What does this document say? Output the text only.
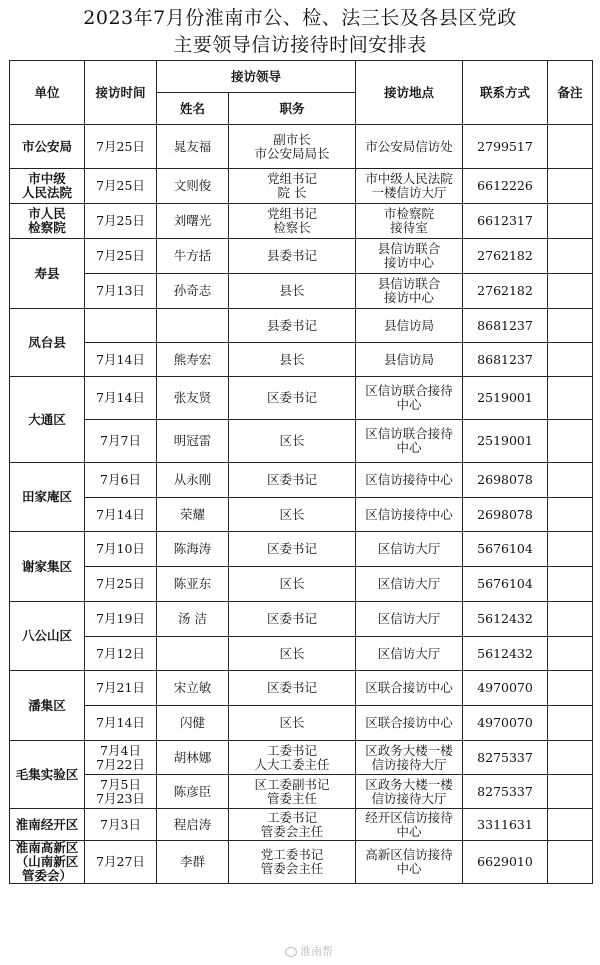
2023年7月份淮南市公、检、法三长及各县区党政
主要领导信访接待时间安排表
单位	接访时间	接访领导		接访地点	联系方式	备注
		姓名	职务			
市公安局	7月25日	晁友福	副市长
市公安局局长	市公安局信访处	2799517	
市中级
人民法院	7月25日	文则俊	党组书记
院 长	市中级人民法院
一楼信访大厅	6612226	
市人民
检察院	7月25日	刘曙光	党组书记
检察长	市检察院
接待室	6612317	
寿县	7月25日	牛方括	县委书记	县信访联合
接访中心	2762182	
	7月13日	孙奇志	县长	县信访联合
接访中心	2762182	
凤台县			县委书记	县信访局	8681237	
	7月14日	熊寿宏	县长	县信访局	8681237	
大通区	7月14日	张友贤	区委书记	区信访联合接待
中心	2519001	
	7月7日	明冠雷	区长	区信访联合接待
中心	2519001	
田家庵区	7月6日	从永刚	区委书记	区信访接待中心	2698078	
	7月14日	荣耀	区长	区信访接待中心	2698078	
谢家集区	7月10日	陈海涛	区委书记	区信访大厅	5676104	
	7月25日	陈亚东	区长	区信访大厅	5676104	
八公山区	7月19日	汤 洁	区委书记	区信访大厅	5612432	
	7月12日		区长	区信访大厅	5612432	
潘集区	7月21日	宋立敏	区委书记	区联合接访中心	4970070	
	7月14日	闪健	区长	区联合接访中心	4970070	
毛集实验区	7月4日
7月22日	胡林娜	工委书记
人大工委主任	区政务大楼一楼
信访接待大厅	8275337	
	7月5日
7月23日	陈彦臣	区工委副书记
管委主任	区政务大楼一楼
信访接待大厅	8275337	
淮南经开区	7月3日	程启涛	工委书记
管委会主任	经开区信访接待
中心	3311631	
淮南高新区
（山南新区
管委会）	7月27日	李群	党工委书记
管委会主任	高新区信访接待
中心	6629010	
淮南帮
